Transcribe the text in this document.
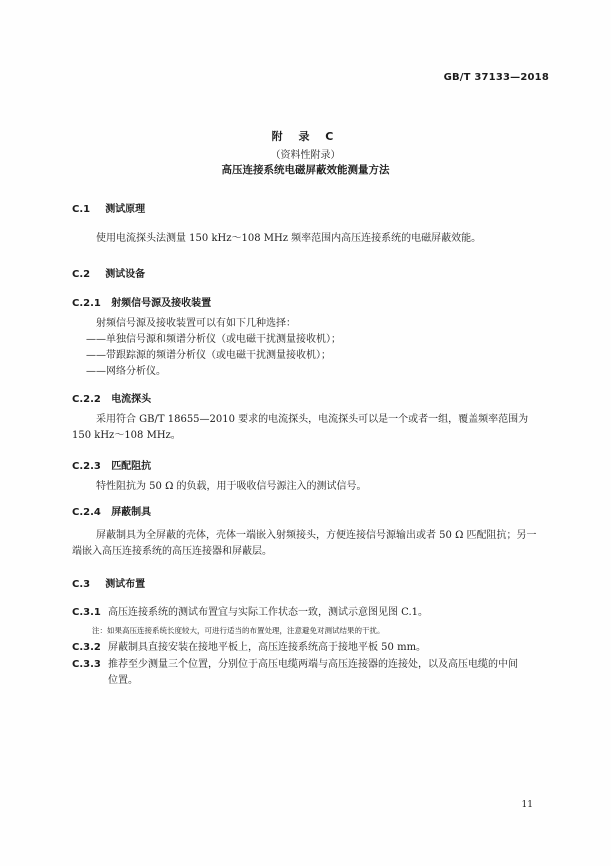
GB/T 37133—2018
附 录 C
（资料性附录）
高压连接系统电磁屏蔽效能测量方法
C.1 测试原理
使用电流探头法测量 150 kHz～108 MHz 频率范围内高压连接系统的电磁屏蔽效能。
C.2 测试设备
C.2.1 射频信号源及接收装置
射频信号源及接收装置可以有如下几种选择：
——单独信号源和频谱分析仪（或电磁干扰测量接收机）；
——带跟踪源的频谱分析仪（或电磁干扰测量接收机）；
——网络分析仪。
C.2.2 电流探头
采用符合 GB/T 18655—2010 要求的电流探头，电流探头可以是一个或者一组，覆盖频率范围为
150 kHz～108 MHz。
C.2.3 匹配阻抗
特性阻抗为 50 Ω 的负载，用于吸收信号源注入的测试信号。
C.2.4 屏蔽制具
屏蔽制具为全屏蔽的壳体，壳体一端嵌入射频接头，方便连接信号源输出或者 50 Ω 匹配阻抗；另一
端嵌入高压连接系统的高压连接器和屏蔽层。
C.3 测试布置
C.3.1 高压连接系统的测试布置宜与实际工作状态一致，测试示意图见图 C.1。
注：如果高压连接系统长度较大，可进行适当的布置处理，注意避免对测试结果的干扰。
C.3.2 屏蔽制具直接安装在接地平板上，高压连接系统高于接地平板 50 mm。
C.3.3 推荐至少测量三个位置，分别位于高压电缆两端与高压连接器的连接处，以及高压电缆的中间
位置。
11
